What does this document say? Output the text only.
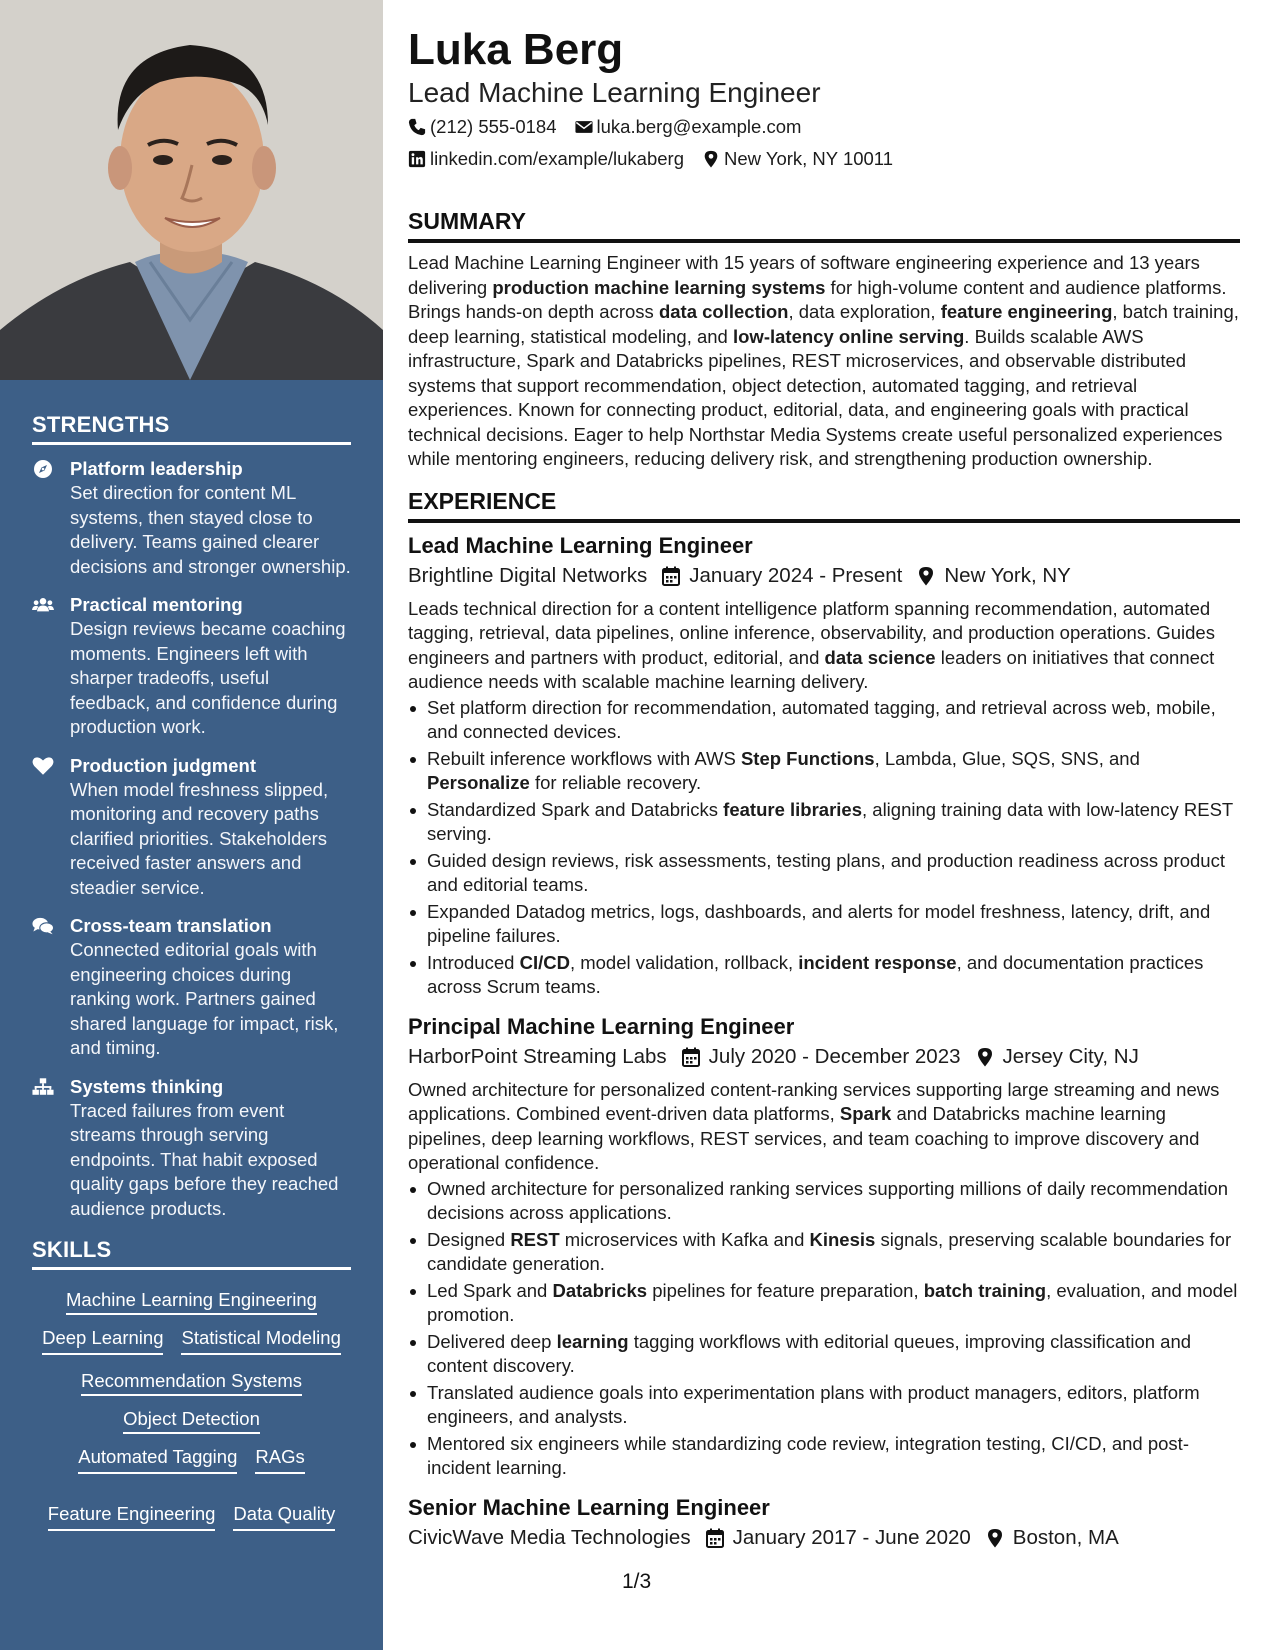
STRENGTHS
Platform leadership
Set direction for content ML systems, then stayed close to delivery. Teams gained clearer decisions and stronger ownership.
Practical mentoring
Design reviews became coaching moments. Engineers left with sharper tradeoffs, useful feedback, and confidence during production work.
Production judgment
When model freshness slipped, monitoring and recovery paths clarified priorities. Stakeholders received faster answers and steadier service.
Cross-team translation
Connected editorial goals with engineering choices during ranking work. Partners gained shared language for impact, risk, and timing.
Systems thinking
Traced failures from event streams through serving endpoints. That habit exposed quality gaps before they reached audience products.
SKILLS
Machine Learning Engineering
Deep Learning Statistical Modeling
Recommendation Systems
Object Detection
Automated Tagging RAGs
Feature Engineering Data Quality
Luka Berg
Lead Machine Learning Engineer
(212) 555-0184 luka.berg@example.com
linkedin.com/example/lukaberg New York, NY 10011
SUMMARY
Lead Machine Learning Engineer with 15 years of software engineering experience and 13 years delivering production machine learning systems for high-volume content and audience platforms. Brings hands-on depth across data collection, data exploration, feature engineering, batch training, deep learning, statistical modeling, and low-latency online serving. Builds scalable AWS infrastructure, Spark and Databricks pipelines, REST microservices, and observable distributed systems that support recommendation, object detection, automated tagging, and retrieval experiences. Known for connecting product, editorial, data, and engineering goals with practical technical decisions. Eager to help Northstar Media Systems create useful personalized experiences while mentoring engineers, reducing delivery risk, and strengthening production ownership.
EXPERIENCE
Lead Machine Learning Engineer
Brightline Digital Networks January 2024 - Present New York, NY
Leads technical direction for a content intelligence platform spanning recommendation, automated tagging, retrieval, data pipelines, online inference, observability, and production operations. Guides engineers and partners with product, editorial, and data science leaders on initiatives that connect audience needs with scalable machine learning delivery.
Set platform direction for recommendation, automated tagging, and retrieval across web, mobile, and connected devices.
Rebuilt inference workflows with AWS Step Functions, Lambda, Glue, SQS, SNS, and Personalize for reliable recovery.
Standardized Spark and Databricks feature libraries, aligning training data with low-latency REST serving.
Guided design reviews, risk assessments, testing plans, and production readiness across product and editorial teams.
Expanded Datadog metrics, logs, dashboards, and alerts for model freshness, latency, drift, and pipeline failures.
Introduced CI/CD, model validation, rollback, incident response, and documentation practices across Scrum teams.
Principal Machine Learning Engineer
HarborPoint Streaming Labs July 2020 - December 2023 Jersey City, NJ
Owned architecture for personalized content-ranking services supporting large streaming and news applications. Combined event-driven data platforms, Spark and Databricks machine learning pipelines, deep learning workflows, REST services, and team coaching to improve discovery and operational confidence.
Owned architecture for personalized ranking services supporting millions of daily recommendation decisions across applications.
Designed REST microservices with Kafka and Kinesis signals, preserving scalable boundaries for candidate generation.
Led Spark and Databricks pipelines for feature preparation, batch training, evaluation, and model promotion.
Delivered deep learning tagging workflows with editorial queues, improving classification and content discovery.
Translated audience goals into experimentation plans with product managers, editors, platform engineers, and analysts.
Mentored six engineers while standardizing code review, integration testing, CI/CD, and post-incident learning.
Senior Machine Learning Engineer
CivicWave Media Technologies January 2017 - June 2020 Boston, MA
1/3
